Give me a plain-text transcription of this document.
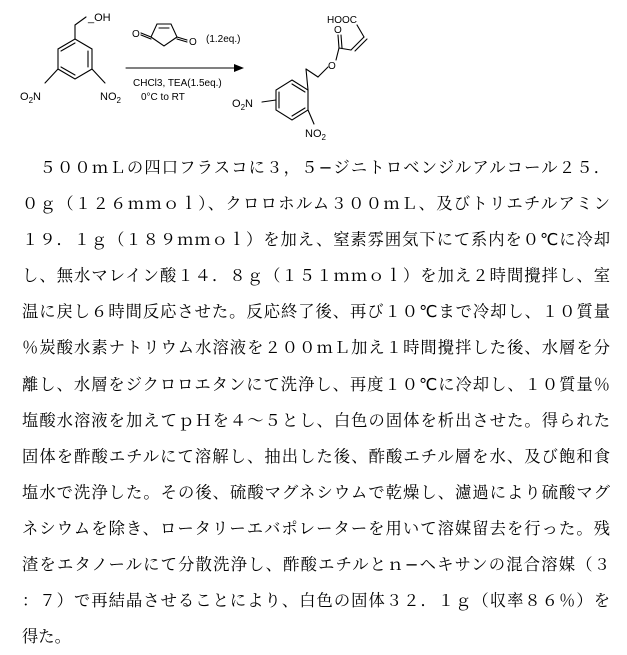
_OH
$O_2N$	$NO_2$
O
O (1.2eq.)
CHCl3, TEA(1.5eq.)
0°C to RT
HOOC
O
O
$O_2N$
$NO_2$
　５００ｍＬの四口フラスコに３，５−ジニトロベンジルアルコール２５．
０ｇ（１２６ｍｍｏｌ）、クロロホルム３００ｍＬ、及びトリエチルアミン
１９．１ｇ（１８９ｍｍｏｌ）を加え、窒素雰囲気下にて系内を０℃に冷却
し、無水マレイン酸１４．８ｇ（１５１ｍｍｏｌ）を加え２時間攪拌し、室
温に戻し６時間反応させた。反応終了後、再び１０℃まで冷却し、１０質量
％炭酸水素ナトリウム水溶液を２００ｍＬ加え１時間攪拌した後、水層を分
離し、水層をジクロロエタンにて洗浄し、再度１０℃に冷却し、１０質量％
塩酸水溶液を加えてｐＨを４〜５とし、白色の固体を析出させた。得られた
固体を酢酸エチルにて溶解し、抽出した後、酢酸エチル層を水、及び飽和食
塩水で洗浄した。その後、硫酸マグネシウムで乾燥し、濾過により硫酸マグ
ネシウムを除き、ロータリーエバポレーターを用いて溶媒留去を行った。残
渣をエタノールにて分散洗浄し、酢酸エチルとｎ−ヘキサンの混合溶媒（３
：７）で再結晶させることにより、白色の固体３２．１ｇ（収率８６％）を
得た。
